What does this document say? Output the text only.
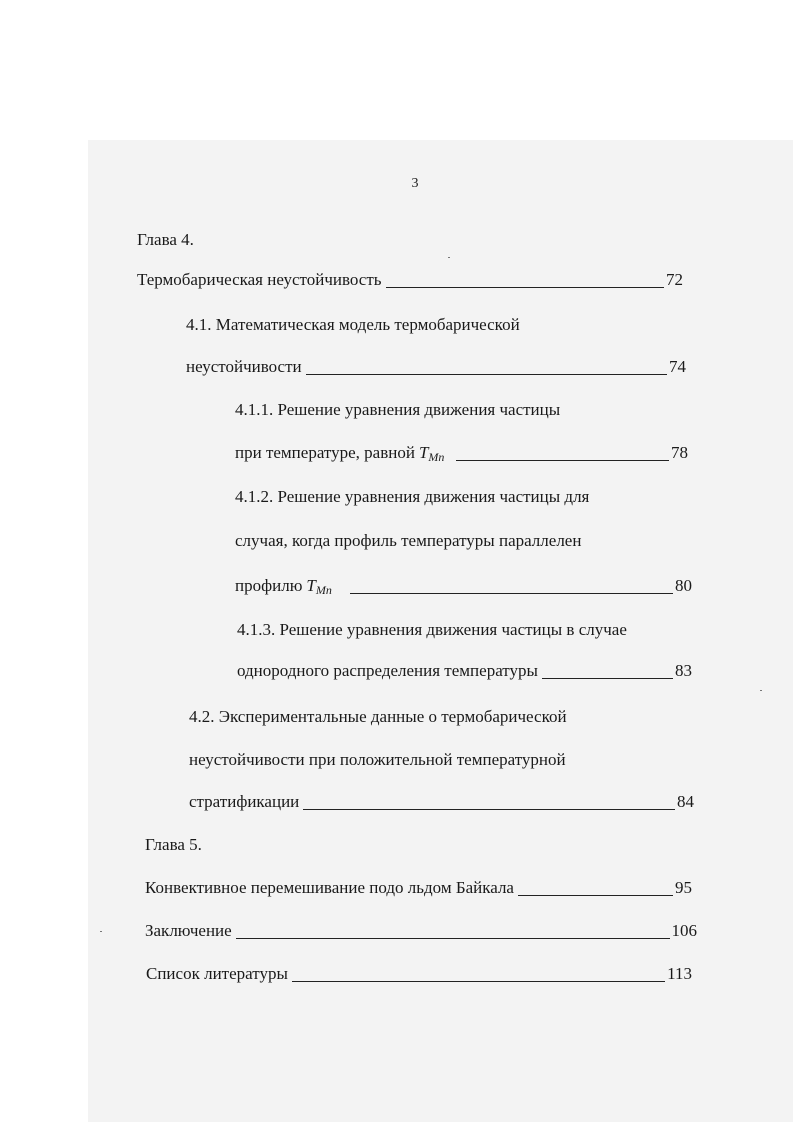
3
Глава 4.
Термобарическая неустойчивость	72
4.1. Математическая модель термобарической
неустойчивости	74
4.1.1. Решение уравнения движения частицы
при температуре, равной $T_{Мп}$	78
4.1.2. Решение уравнения движения частицы для
случая, когда профиль температуры параллелен
профилю $T_{Мп}$	80
4.1.3. Решение уравнения движения частицы в случае
однородного распределения температуры	83
4.2. Экспериментальные данные о термобарической
неустойчивости при положительной температурной
стратификации	84
Глава 5.
Конвективное перемешивание подо льдом Байкала	95
Заключение	106
Список литературы	113
